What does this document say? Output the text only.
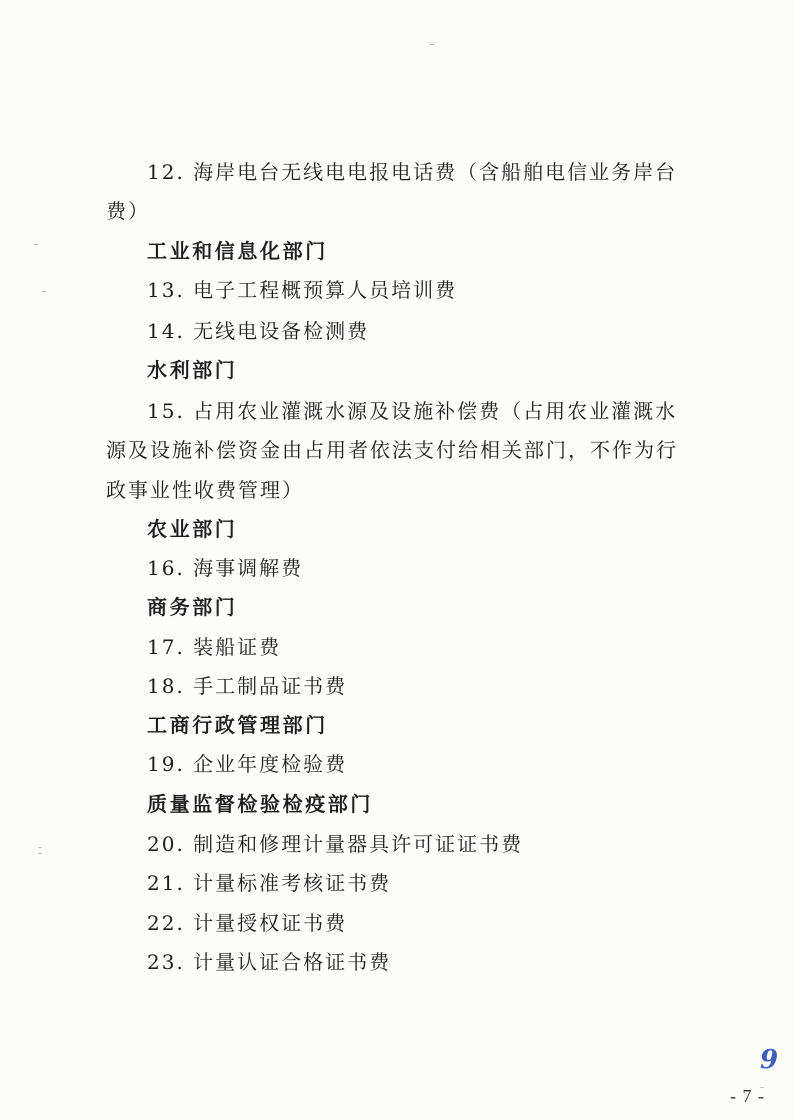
12. 海岸电台无线电电报电话费（含船舶电信业务岸台
费）
工业和信息化部门
13. 电子工程概预算人员培训费
14. 无线电设备检测费
水利部门
15. 占用农业灌溉水源及设施补偿费（占用农业灌溉水
源及设施补偿资金由占用者依法支付给相关部门，不作为行
政事业性收费管理）
农业部门
16. 海事调解费
商务部门
17. 装船证费
18. 手工制品证书费
工商行政管理部门
19. 企业年度检验费
质量监督检验检疫部门
20. 制造和修理计量器具许可证证书费
21. 计量标准考核证书费
22. 计量授权证书费
23. 计量认证合格证书费
9
- 7 -
